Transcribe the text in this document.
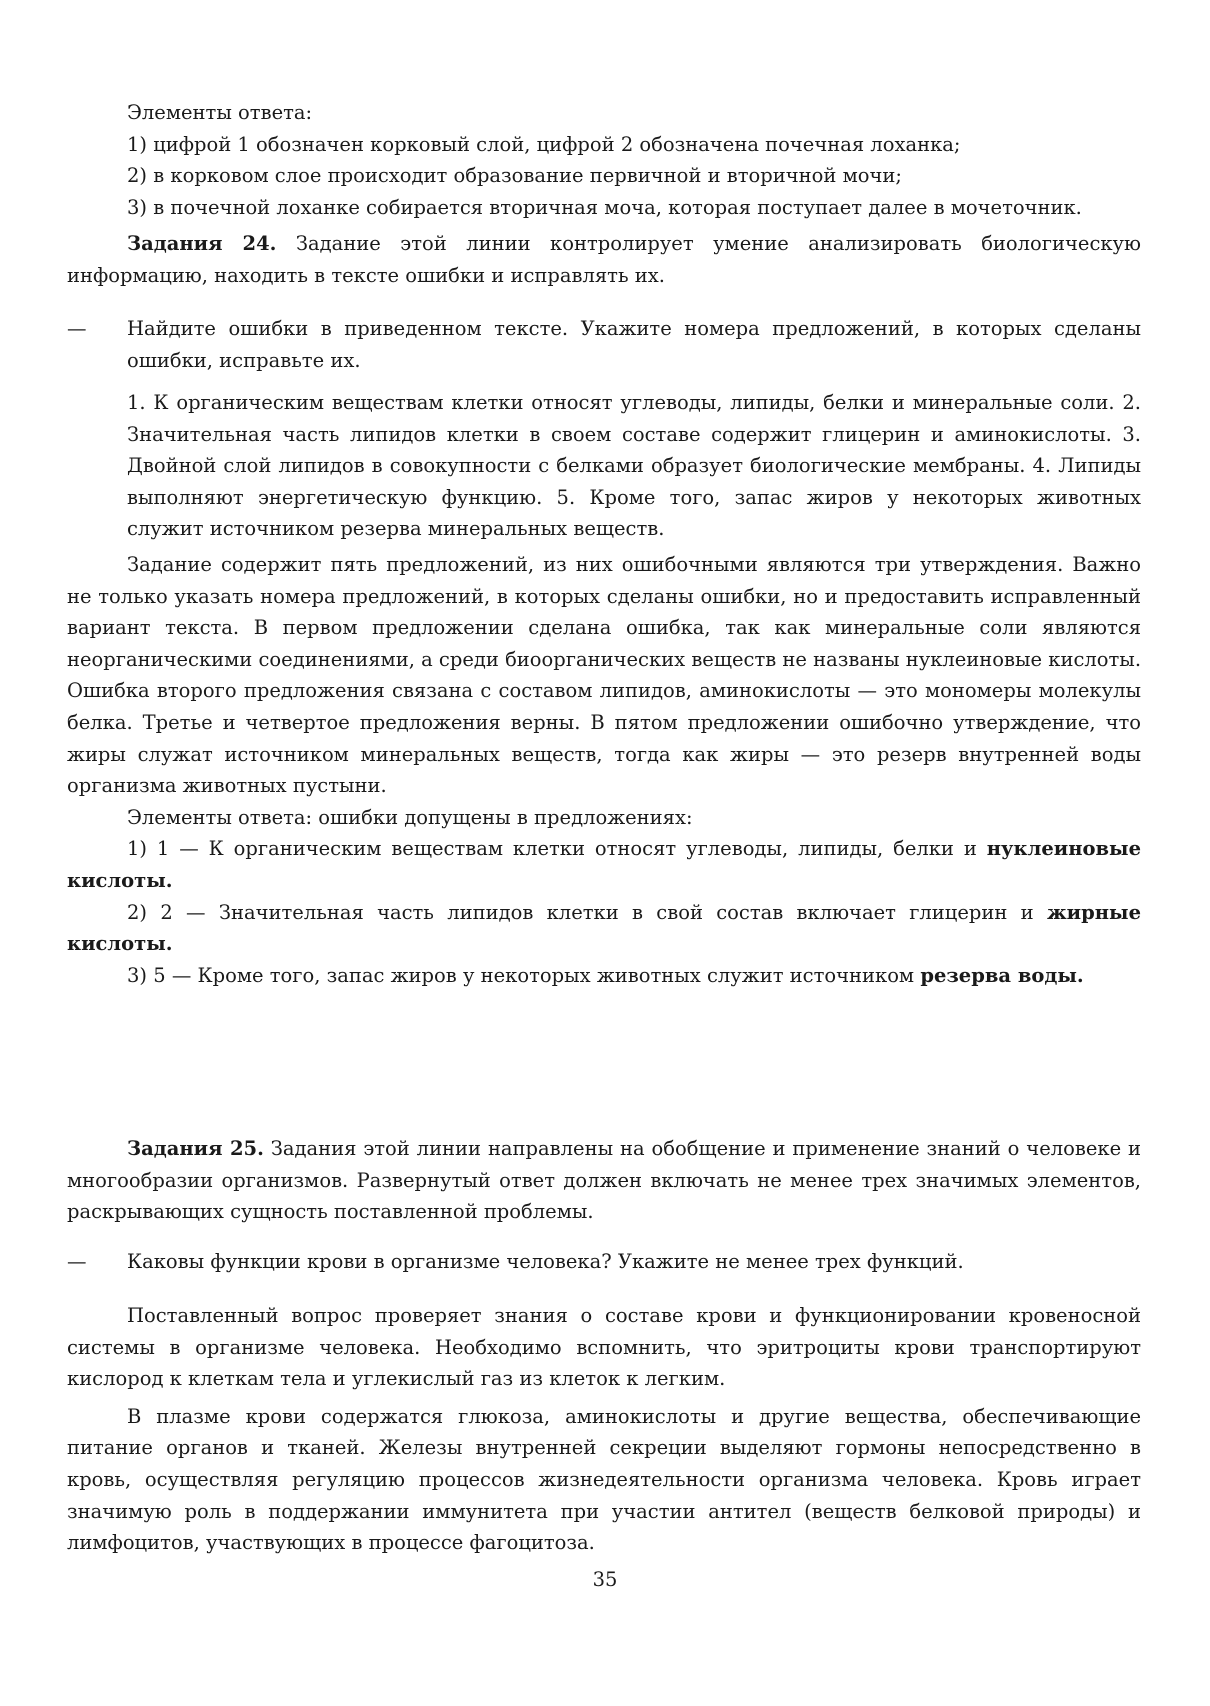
Элементы ответа:

1) цифрой 1 обозначен корковый слой, цифрой 2 обозначена почечная лоханка;

2) в корковом слое происходит образование первичной и вторичной мочи;

3) в почечной лоханке собирается вторичная моча, которая поступает далее в мочеточник.

Задания 24. Задание этой линии контролирует умение анализировать биологическую информацию, находить в тексте ошибки и исправлять их.

— Найдите ошибки в приведенном тексте. Укажите номера предложений, в которых сделаны ошибки, исправьте их.

1. К органическим веществам клетки относят углеводы, липиды, белки и минеральные соли. 2. Значительная часть липидов клетки в своем составе содержит глицерин и аминокислоты. 3. Двойной слой липидов в совокупности с белками образует биологические мембраны. 4. Липиды выполняют энергетическую функцию. 5. Кроме того, запас жиров у некоторых животных служит источником резерва минеральных веществ.

Задание содержит пять предложений, из них ошибочными являются три утверждения. Важно не только указать номера предложений, в которых сделаны ошибки, но и предоставить исправленный вариант текста. В первом предложении сделана ошибка, так как минеральные соли являются неорганическими соединениями, а среди биоорганических веществ не названы нуклеиновые кислоты. Ошибка второго предложения связана с составом липидов, аминокислоты — это мономеры молекулы белка. Третье и четвертое предложения верны. В пятом предложении ошибочно утверждение, что жиры служат источником минеральных веществ, тогда как жиры — это резерв внутренней воды организма животных пустыни.

Элементы ответа: ошибки допущены в предложениях:

1) 1 — К органическим веществам клетки относят углеводы, липиды, белки и нуклеиновые кислоты.

2) 2 — Значительная часть липидов клетки в свой состав включает глицерин и жирные кислоты.

3) 5 — Кроме того, запас жиров у некоторых животных служит источником резерва воды.

Задания 25. Задания этой линии направлены на обобщение и применение знаний о человеке и многообразии организмов. Развернутый ответ должен включать не менее трех значимых элементов, раскрывающих сущность поставленной проблемы.

— Каковы функции крови в организме человека? Укажите не менее трех функций.

Поставленный вопрос проверяет знания о составе крови и функционировании кровеносной системы в организме человека. Необходимо вспомнить, что эритроциты крови транспортируют кислород к клеткам тела и углекислый газ из клеток к легким.

В плазме крови содержатся глюкоза, аминокислоты и другие вещества, обеспечивающие питание органов и тканей. Железы внутренней секреции выделяют гормоны непосредственно в кровь, осуществляя регуляцию процессов жизнедеятельности организма человека. Кровь играет значимую роль в поддержании иммунитета при участии антител (веществ белковой природы) и лимфоцитов, участвующих в процессе фагоцитоза.

35
